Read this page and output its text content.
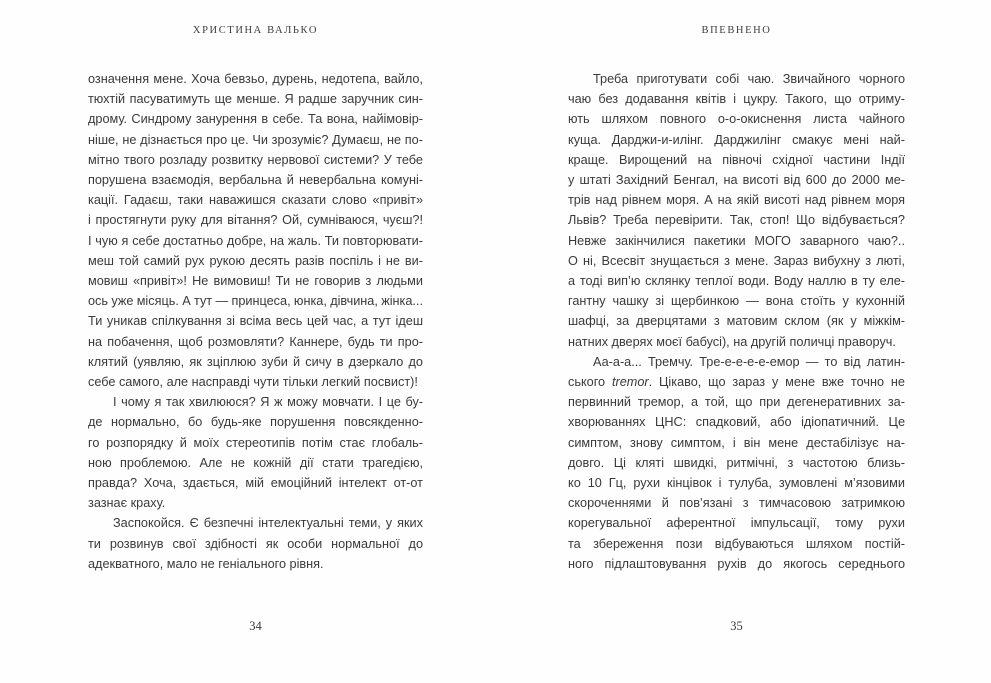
ХРИСТИНА ВАЛЬКО
означення мене. Хоча бевзьо, дурень, недотепа, вайло,
тюхтій пасуватимуть ще менше. Я радше заручник син-
дрому. Синдрому занурення в себе. Та вона, найімовір-
ніше, не дізнається про це. Чи зрозуміє? Думаєш, не по-
мітно твого розладу розвитку нервової системи? У тебе
порушена взаємодія, вербальна й невербальна комуні-
кації. Гадаєш, таки наважишся сказати слово «привіт»
і простягнути руку для вітання? Ой, сумніваюся, чуєш?!
І чую я себе достатньо добре, на жаль. Ти повторювати-
меш той самий рух рукою десять разів поспіль і не ви-
мовиш «привіт»! Не вимовиш! Ти не говорив з людьми
ось уже місяць. А тут — принцеса, юнка, дівчина, жінка...
Ти уникав спілкування зі всіма весь цей час, а тут ідеш
на побачення, щоб розмовляти? Каннере, будь ти про-
клятий (уявляю, як зціплюю зуби й сичу в дзеркало до
себе самого, але насправді чути тільки легкий посвист)!
І чому я так хвилююся? Я ж можу мовчати. І це бу-
де нормально, бо будь-яке порушення повсякденно-
го розпорядку й моїх стереотипів потім стає глобаль-
ною проблемою. Але не кожній дії стати трагедією,
правда? Хоча, здається, мій емоційний інтелект от-от
зазнає краху.
Заспокойся. Є безпечні інтелектуальні теми, у яких
ти розвинув свої здібності як особи нормальної до
адекватного, мало не геніального рівня.
34
ВПЕВНЕНО
Треба приготувати собі чаю. Звичайного чорного
чаю без додавання квітів і цукру. Такого, що отриму-
ють шляхом повного о-о-окиснення листа чайного
куща. Дарджи-и-илінг. Дарджилінг смакує мені най-
краще. Вирощений на півночі східної частини Індії
у штаті Західний Бенгал, на висоті від 600 до 2000 ме-
трів над рівнем моря. А на якій висоті над рівнем моря
Львів? Треба перевірити. Так, стоп! Що відбувається?
Невже закінчилися пакетики МОГО заварного чаю?..
О ні, Всесвіт знущається з мене. Зараз вибухну з люті,
а тоді вип’ю склянку теплої води. Воду наллю в ту еле-
гантну чашку зі щербинкою — вона стоїть у кухонній
шафці, за дверцятами з матовим склом (як у міжкім-
натних дверях моєї бабусі), на другій поличці праворуч.
Аа-а-а... Тремчу. Тре-е-е-е-е-емор — то від латин-
ського tremor. Цікаво, що зараз у мене вже точно не
первинний тремор, а той, що при дегенеративних за-
хворюваннях ЦНС: спадковий, або ідіопатичний. Це
симптом, знову симптом, і він мене дестабілізує на-
довго. Ці кляті швидкі, ритмічні, з частотою близь-
ко 10 Гц, рухи кінцівок і тулуба, зумовлені м’язовими
скороченнями й пов’язані з тимчасовою затримкою
корегувальної аферентної імпульсації, тому рухи
та збереження пози відбуваються шляхом постій-
ного підлаштовування рухів до якогось середнього
35
